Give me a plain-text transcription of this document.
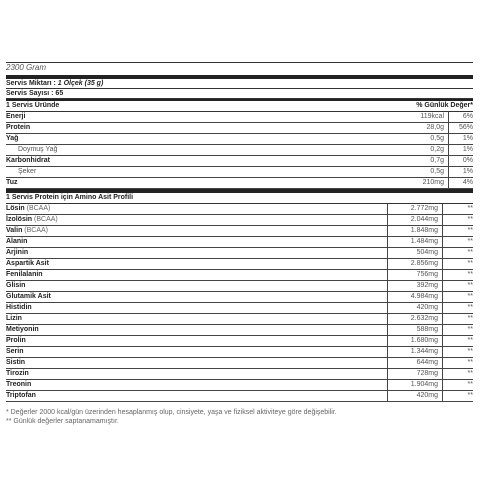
2300 Gram
Servis Miktarı : 1 Ölçek (35 g)
Servis Sayısı : 65
1 Servis Üründe	% Günlük Değer*
Enerji	119kcal	6%
Protein	28,0g	56%
Yağ	0,5g	1%
Doymuş Yağ	0,2g	1%
Karbonhidrat	0,7g	0%
Şeker	0,5g	1%
Tuz	210mg	4%
1 Servis Protein için Amino Asit Profili
Lösin (BCAA)	2.772mg	**
İzolösin (BCAA)	2.044mg	**
Valin (BCAA)	1.848mg	**
Alanin	1.484mg	**
Arjinin	504mg	**
Aspartik Asit	2.856mg	**
Fenilalanin	756mg	**
Glisin	392mg	**
Glutamik Asit	4.984mg	**
Histidin	420mg	**
Lizin	2.632mg	**
Metiyonin	588mg	**
Prolin	1.680mg	**
Serin	1.344mg	**
Sistin	644mg	**
Tirozin	728mg	**
Treonin	1.904mg	**
Triptofan	420mg	**
* Değerler 2000 kcal/gün üzerinden hesaplanmış olup, cinsiyete, yaşa ve fiziksel aktiviteye göre değişebilir.
** Günlük değerler saptanamamıştır.
